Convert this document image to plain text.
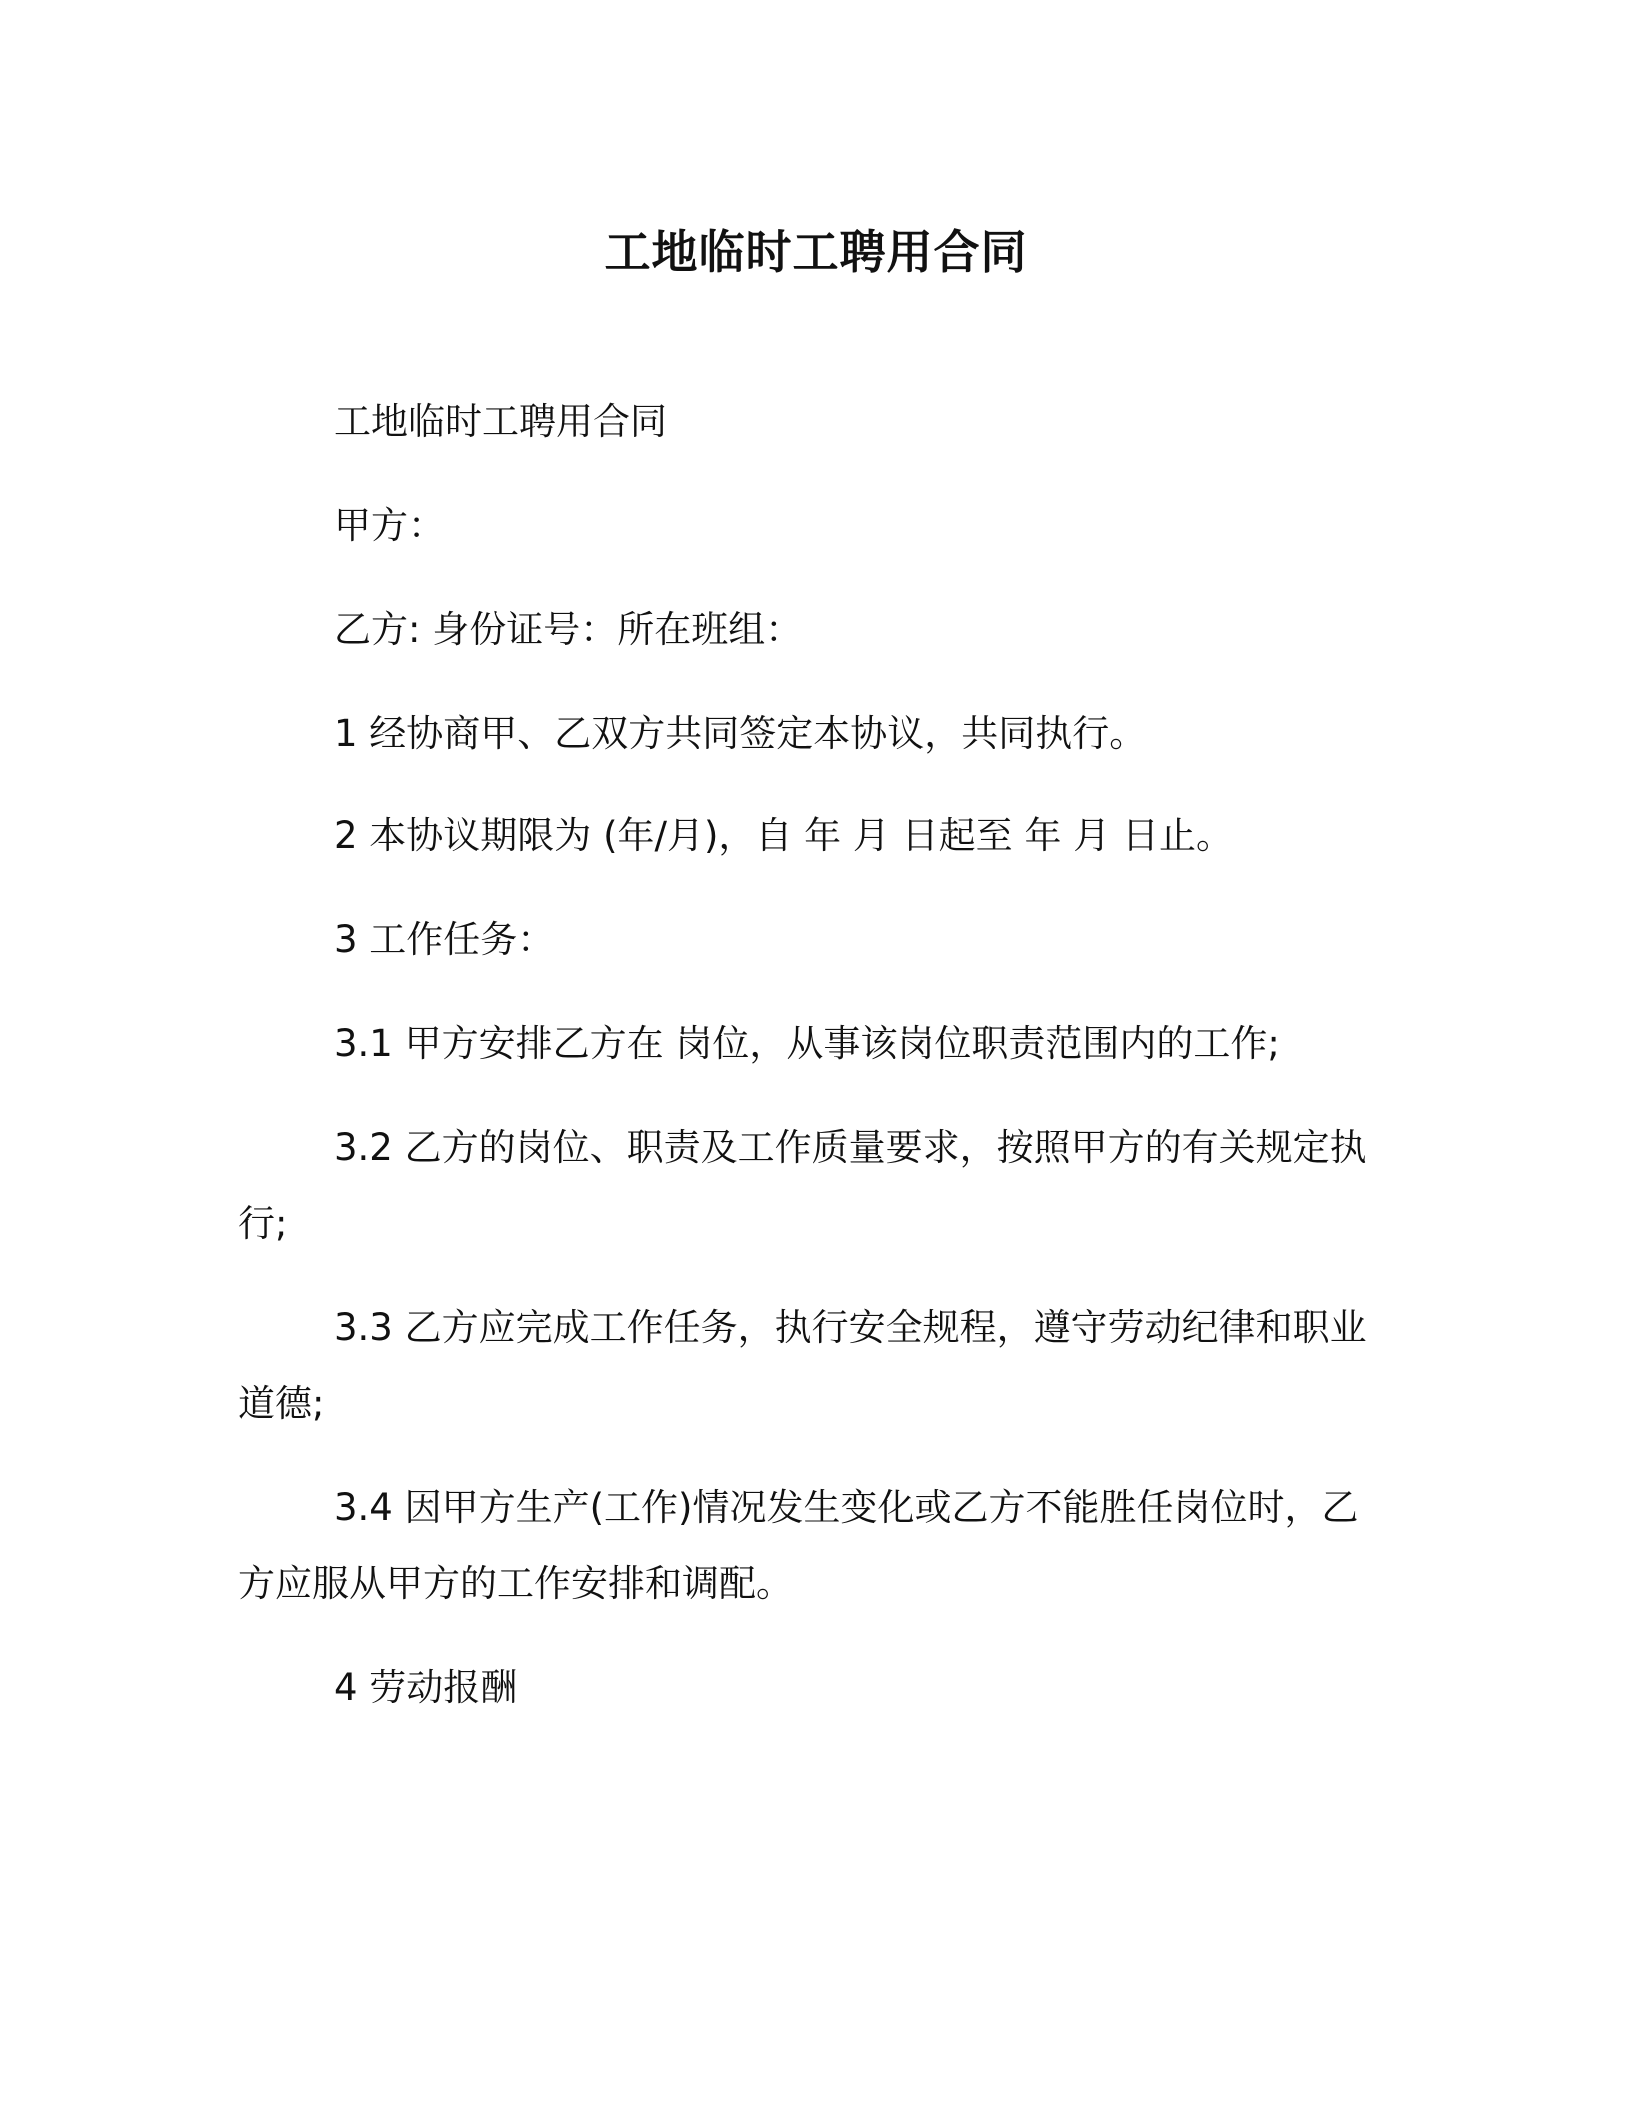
工地临时工聘用合同

工地临时工聘用合同

甲方：

乙方: 身份证号：所在班组：

1 经协商甲、乙双方共同签定本协议，共同执行。

2 本协议期限为 (年/月)，自 年 月 日起至 年 月 日止。

3 工作任务：

3.1 甲方安排乙方在 岗位，从事该岗位职责范围内的工作;

3.2 乙方的岗位、职责及工作质量要求，按照甲方的有关规定执行;

3.3 乙方应完成工作任务，执行安全规程，遵守劳动纪律和职业道德;

3.4 因甲方生产(工作)情况发生变化或乙方不能胜任岗位时，乙方应服从甲方的工作安排和调配。

4 劳动报酬
